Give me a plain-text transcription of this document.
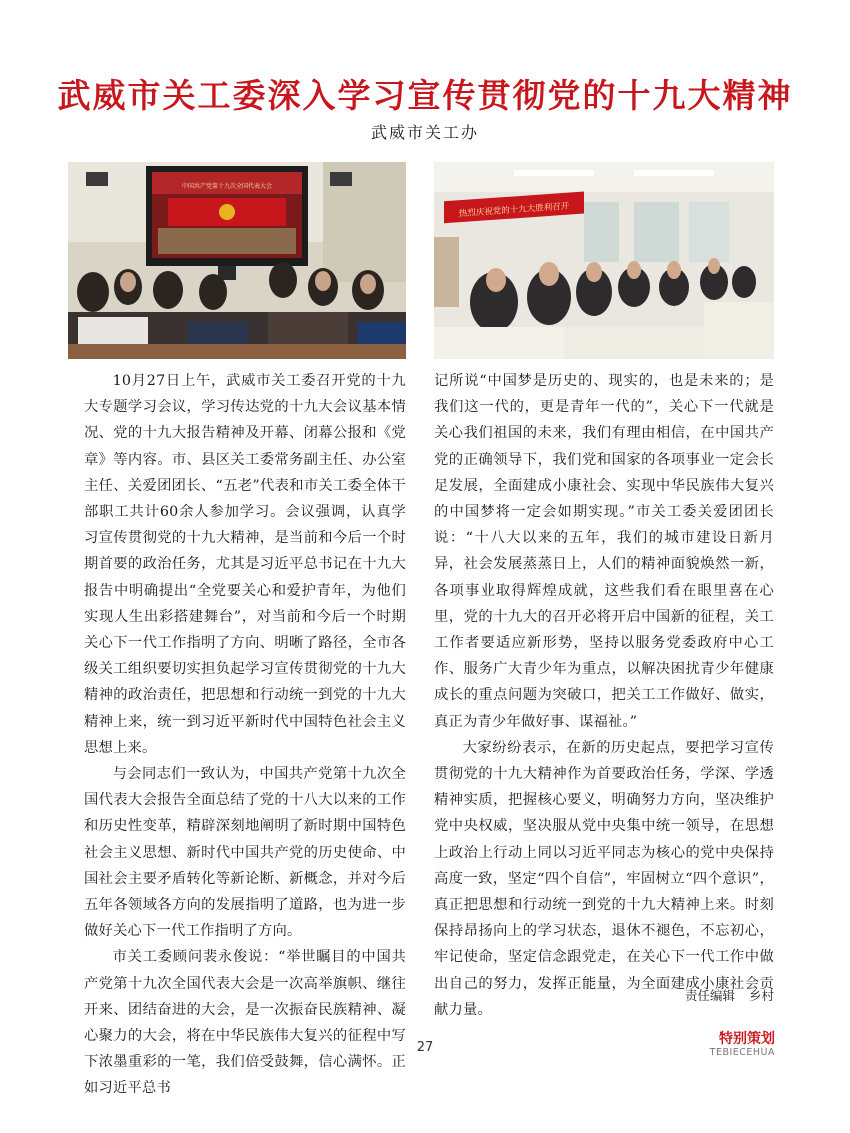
武威市关工委深入学习宣传贯彻党的十九大精神
武威市关工办
中国共产党第十九次全国代表大会
热烈庆祝党的十九大胜利召开

10月27日上午，武威市关工委召开党的十九大专题学习会议，学习传达党的十九大会议基本情况、党的十九大报告精神及开幕、闭幕公报和《党章》等内容。市、县区关工委常务副主任、办公室主任、关爱团团长、“五老”代表和市关工委全体干部职工共计60余人参加学习。会议强调，认真学习宣传贯彻党的十九大精神，是当前和今后一个时期首要的政治任务，尤其是习近平总书记在十九大报告中明确提出“全党要关心和爱护青年，为他们实现人生出彩搭建舞台”，对当前和今后一个时期关心下一代工作指明了方向、明晰了路径，全市各级关工组织要切实担负起学习宣传贯彻党的十九大精神的政治责任，把思想和行动统一到党的十九大精神上来，统一到习近平新时代中国特色社会主义思想上来。

与会同志们一致认为，中国共产党第十九次全国代表大会报告全面总结了党的十八大以来的工作和历史性变革，精辟深刻地阐明了新时期中国特色社会主义思想、新时代中国共产党的历史使命、中国社会主要矛盾转化等新论断、新概念，并对今后五年各领域各方向的发展指明了道路，也为进一步做好关心下一代工作指明了方向。

市关工委顾问裴永俊说：“举世瞩目的中国共产党第十九次全国代表大会是一次高举旗帜、继往开来、团结奋进的大会，是一次振奋民族精神、凝心聚力的大会，将在中华民族伟大复兴的征程中写下浓墨重彩的一笔，我们倍受鼓舞，信心满怀。正如习近平总书

记所说“中国梦是历史的、现实的，也是未来的；是我们这一代的，更是青年一代的”，关心下一代就是关心我们祖国的未来，我们有理由相信，在中国共产党的正确领导下，我们党和国家的各项事业一定会长足发展，全面建成小康社会、实现中华民族伟大复兴的中国梦将一定会如期实现。”市关工委关爱团团长说：“十八大以来的五年，我们的城市建设日新月异，社会发展蒸蒸日上，人们的精神面貌焕然一新，各项事业取得辉煌成就，这些我们看在眼里喜在心里，党的十九大的召开必将开启中国新的征程，关工工作者要适应新形势，坚持以服务党委政府中心工作、服务广大青少年为重点，以解决困扰青少年健康成长的重点问题为突破口，把关工工作做好、做实，真正为青少年做好事、谋福祉。”

大家纷纷表示，在新的历史起点，要把学习宣传贯彻党的十九大精神作为首要政治任务，学深、学透精神实质，把握核心要义，明确努力方向，坚决维护党中央权威，坚决服从党中央集中统一领导，在思想上政治上行动上同以习近平同志为核心的党中央保持高度一致，坚定“四个自信”，牢固树立“四个意识”，真正把思想和行动统一到党的十九大精神上来。时刻保持昂扬向上的学习状态，退休不褪色，不忘初心，牢记使命，坚定信念跟党走，在关心下一代工作中做出自己的努力，发挥正能量，为全面建成小康社会贡献力量。

责任编辑 乡村
27
特别策划
TEBIECEHUA
